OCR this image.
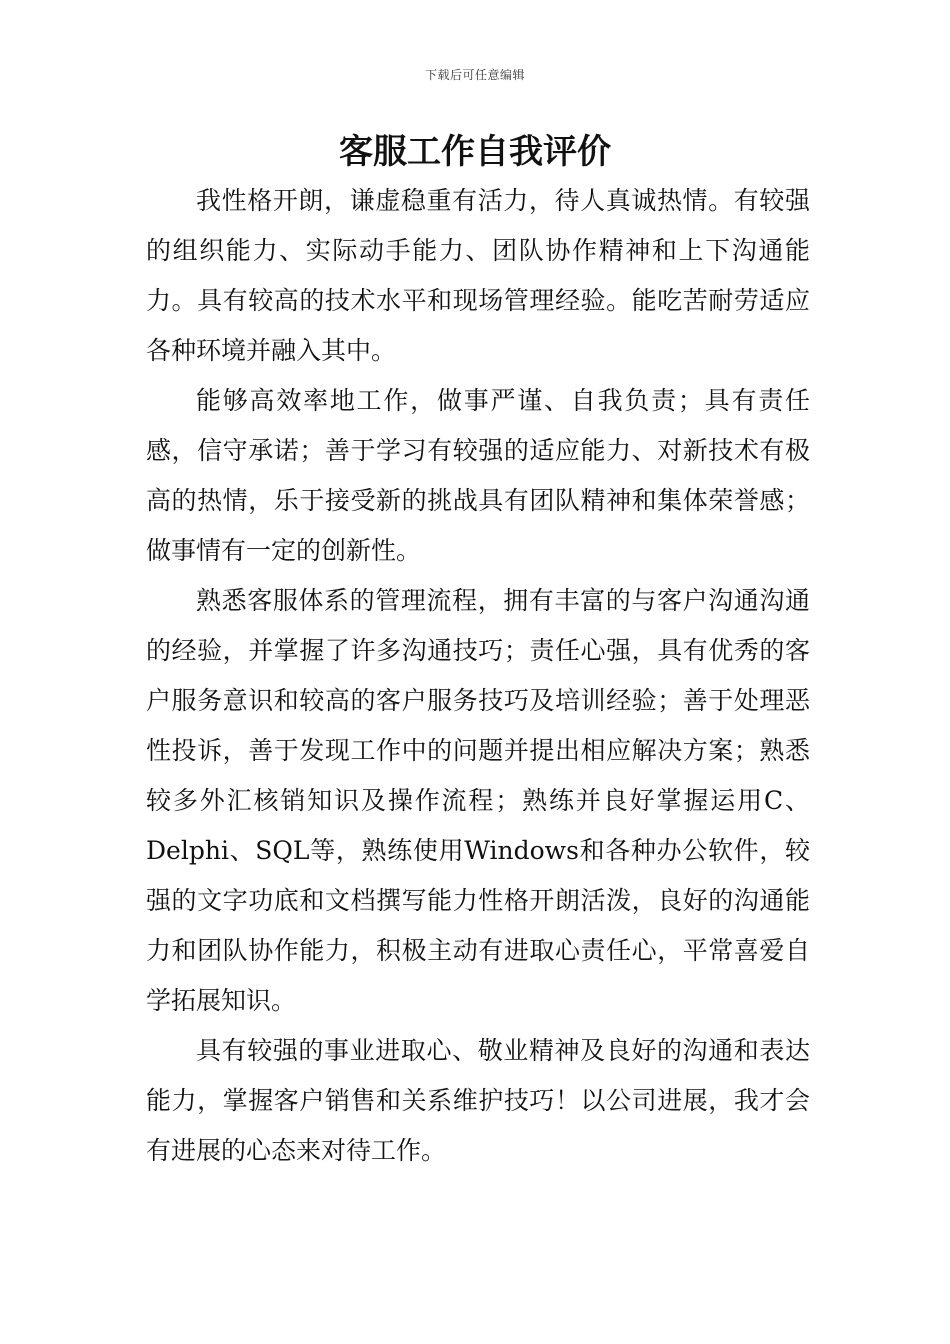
下载后可任意编辑
客服工作自我评价

我性格开朗，谦虚稳重有活力，待人真诚热情。有较强的组织能力、实际动手能力、团队协作精神和上下沟通能力。具有较高的技术水平和现场管理经验。能吃苦耐劳适应各种环境并融入其中。

能够高效率地工作，做事严谨、自我负责；具有责任感，信守承诺；善于学习有较强的适应能力、对新技术有极高的热情，乐于接受新的挑战具有团队精神和集体荣誉感；做事情有一定的创新性。

熟悉客服体系的管理流程，拥有丰富的与客户沟通沟通的经验，并掌握了许多沟通技巧；责任心强，具有优秀的客户服务意识和较高的客户服务技巧及培训经验；善于处理恶性投诉，善于发现工作中的问题并提出相应解决方案；熟悉较多外汇核销知识及操作流程；熟练并良好掌握运用C、Delphi、SQL等，熟练使用Windows和各种办公软件，较强的文字功底和文档撰写能力性格开朗活泼，良好的沟通能力和团队协作能力，积极主动有进取心责任心，平常喜爱自学拓展知识。

具有较强的事业进取心、敬业精神及良好的沟通和表达能力，掌握客户销售和关系维护技巧！以公司进展，我才会有进展的心态来对待工作。
